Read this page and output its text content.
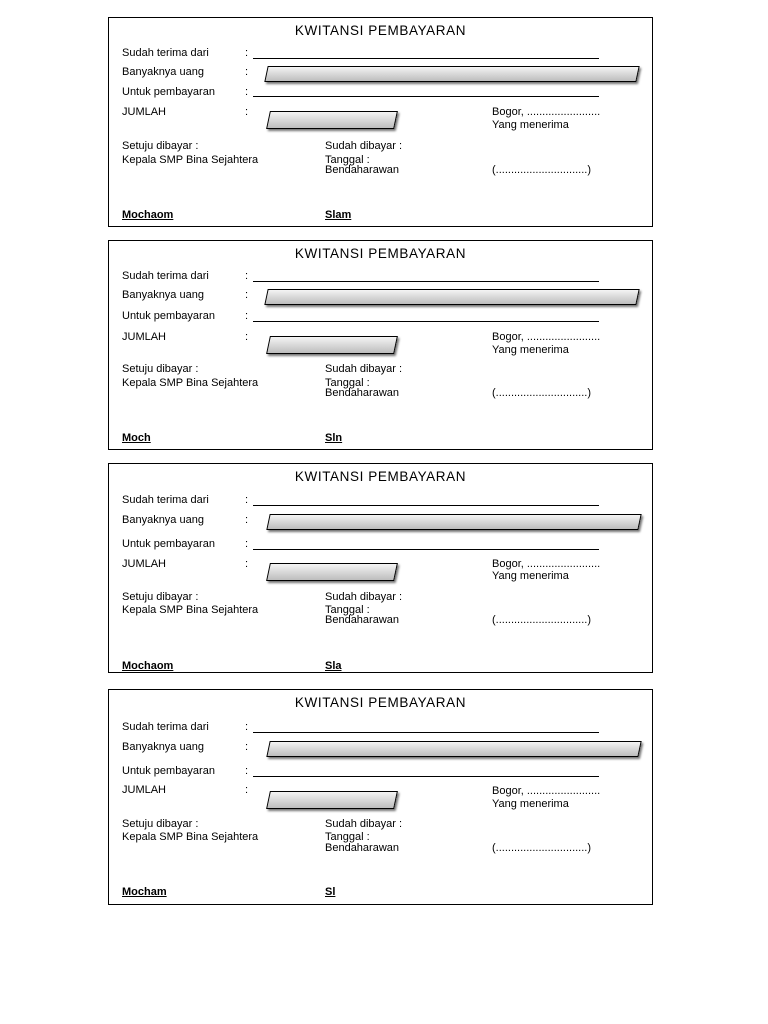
KWITANSI PEMBAYARAN
Sudah terima dari	:
Banyaknya uang	:
Untuk pembayaran	:
JUMLAH	:	Bogor, ........................
Yang menerima
Setuju dibayar :
Kepala SMP Bina Sejahtera
Sudah dibayar :
Tanggal :
Bendaharawan	(..............................)
Mochaom	Slam
KWITANSI PEMBAYARAN
Sudah terima dari	:
Banyaknya uang	:
Untuk pembayaran	:
JUMLAH	:	Bogor, ........................
Yang menerima
Setuju dibayar :
Kepala SMP Bina Sejahtera
Sudah dibayar :
Tanggal :
Bendaharawan	(..............................)
Moch	Sln
KWITANSI PEMBAYARAN
Sudah terima dari	:
Banyaknya uang	:
Untuk pembayaran	:
JUMLAH	:	Bogor, ........................
Yang menerima
Setuju dibayar :
Kepala SMP Bina Sejahtera
Sudah dibayar :
Tanggal :
Bendaharawan	(..............................)
Mochaom	Sla
KWITANSI PEMBAYARAN
Sudah terima dari	:
Banyaknya uang	:
Untuk pembayaran	:
JUMLAH	:	Bogor, ........................
Yang menerima
Setuju dibayar :
Kepala SMP Bina Sejahtera
Sudah dibayar :
Tanggal :
Bendaharawan	(..............................)
Mocham	Sl
